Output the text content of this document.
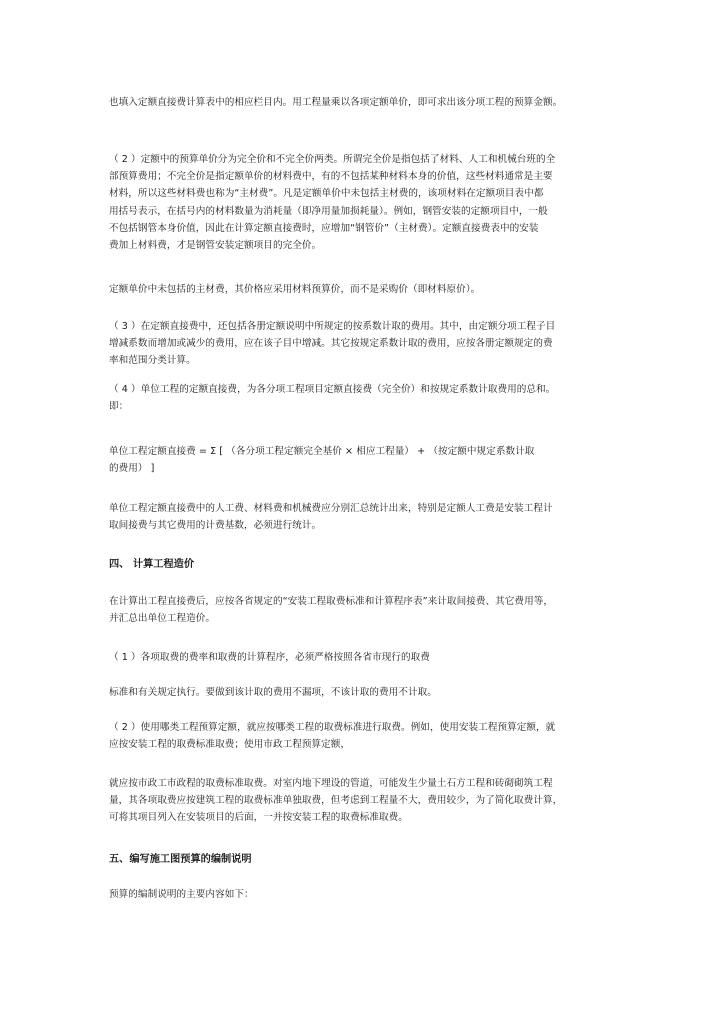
也填入定额直接费计算表中的相应栏目内。用工程量乘以各项定额单价，即可求出该分项工程的预算金额。
（ 2 ）定额中的预算单价分为完全价和不完全价两类。所谓完全价是指包括了材料、人工和机械台班的全
部预算费用；不完全价是指定额单价的材料费中，有的不包括某种材料本身的价值，这些材料通常是主要
材料，所以这些材料费也称为“主材费”。凡是定额单价中未包括主材费的，该项材料在定额项目表中都
用括号表示，在括号内的材料数量为消耗量（即净用量加损耗量）。例如，钢管安装的定额项目中，一般
不包括钢管本身价值，因此在计算定额直接费时，应增加“钢管价”（主材费）。定额直接费表中的安装
费加上材料费，才是钢管安装定额项目的完全价。
定额单价中未包括的主材费，其价格应采用材料预算价，而不是采购价（即材料原价）。
（ 3 ）在定额直接费中，还包括各册定额说明中所规定的按系数计取的费用。其中，由定额分项工程子目
增减系数而增加或减少的费用，应在该子目中增减。其它按规定系数计取的费用，应按各册定额规定的费
率和范围分类计算。
（ 4 ）单位工程的定额直接费，为各分项工程项目定额直接费（完全价）和按规定系数计取费用的总和。
即：
单位工程定额直接费 = Σ [ （各分项工程定额完全基价 × 相应工程量） + （按定额中规定系数计取
的费用） ]
单位工程定额直接费中的人工费、材料费和机械费应分别汇总统计出来，特别是定额人工费是安装工程计
取间接费与其它费用的计费基数，必须进行统计。
四、 计算工程造价
在计算出工程直接费后，应按各省规定的“安装工程取费标准和计算程序表”来计取间接费、其它费用等，
并汇总出单位工程造价。
（ 1 ）各项取费的费率和取费的计算程序，必须严格按照各省市现行的取费
标准和有关规定执行。要做到该计取的费用不漏项，不该计取的费用不计取。
（ 2 ）使用哪类工程预算定额，就应按哪类工程的取费标准进行取费。例如，使用安装工程预算定额，就
应按安装工程的取费标准取费；使用市政工程预算定额，
就应按市政工市政程的取费标准取费。对室内地下埋设的管道，可能发生少量土石方工程和砖砌砌筑工程
量，其各项取费应按建筑工程的取费标准单独取费，但考虑到工程量不大，费用较少，为了简化取费计算，
可将其项目列入在安装项目的后面，一并按安装工程的取费标准取费。
五、编写施工图预算的编制说明
预算的编制说明的主要内容如下：
